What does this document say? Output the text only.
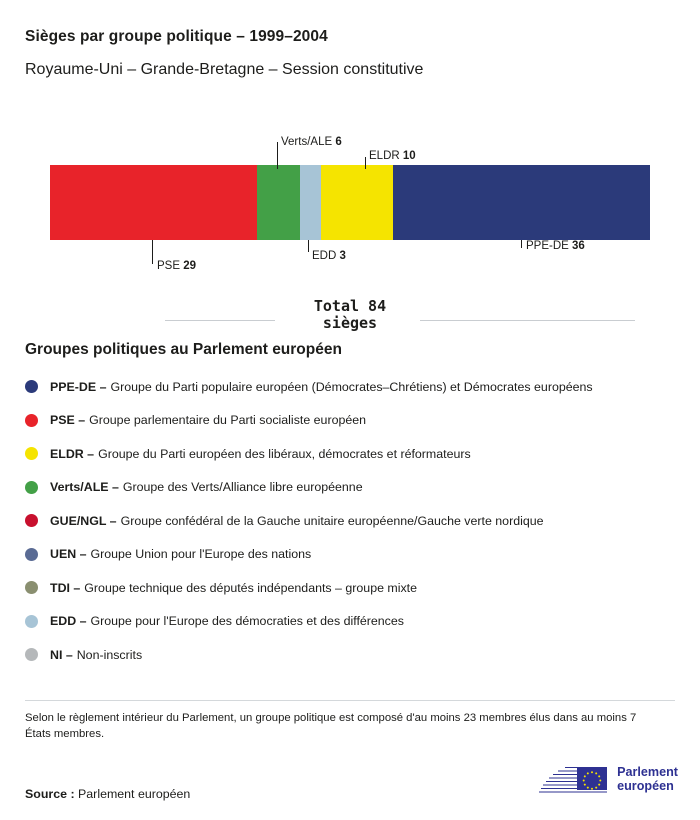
Sièges par groupe politique – 1999–2004
Royaume-Uni – Grande-Bretagne – Session constitutive
Verts/ALE 6
ELDR 10
PSE 29
EDD 3
PPE-DE 36
Total 84
sièges
Groupes politiques au Parlement européen
PPE-DE – Groupe du Parti populaire européen (Démocrates–Chrétiens) et Démocrates européens
PSE – Groupe parlementaire du Parti socialiste européen
ELDR – Groupe du Parti européen des libéraux, démocrates et réformateurs
Verts/ALE – Groupe des Verts/Alliance libre européenne
GUE/NGL – Groupe confédéral de la Gauche unitaire européenne/Gauche verte nordique
UEN – Groupe Union pour l'Europe des nations
TDI – Groupe technique des députés indépendants – groupe mixte
EDD – Groupe pour l'Europe des démocraties et des différences
NI – Non-inscrits
Selon le règlement intérieur du Parlement, un groupe politique est composé d'au moins 23 membres élus dans au moins 7 États membres.
Source : Parlement européen
Parlement
européen
